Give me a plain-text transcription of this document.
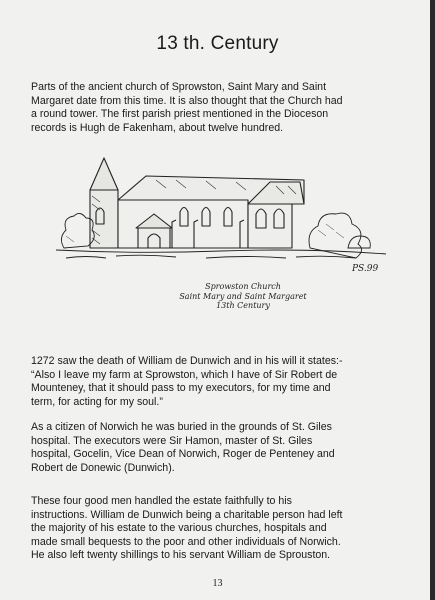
13 th. Century
Parts of the ancient church of Sprowston, Saint Mary and Saint
Margaret date from this time. It is also thought that the Church had
a round tower. The first parish priest mentioned in the Dioceson
records is Hugh de Fakenham, about twelve hundred.
PS.99
Sprowston Church
Saint Mary and Saint Margaret
13th Century
1272 saw the death of William de Dunwich and in his will it states:-
“Also I leave my farm at Sprowston, which I have of Sir Robert de
Mounteney, that it should pass to my executors, for my time and
term, for acting for my soul.”
As a citizen of Norwich he was buried in the grounds of St. Giles
hospital. The executors were Sir Hamon, master of St. Giles
hospital, Gocelin, Vice Dean of Norwich, Roger de Penteney and
Robert de Donewic (Dunwich).
These four good men handled the estate faithfully to his
instructions. William de Dunwich being a charitable person had left
the majority of his estate to the various churches, hospitals and
made small bequests to the poor and other individuals of Norwich.
He also left twenty shillings to his servant William de Sprouston.
13
